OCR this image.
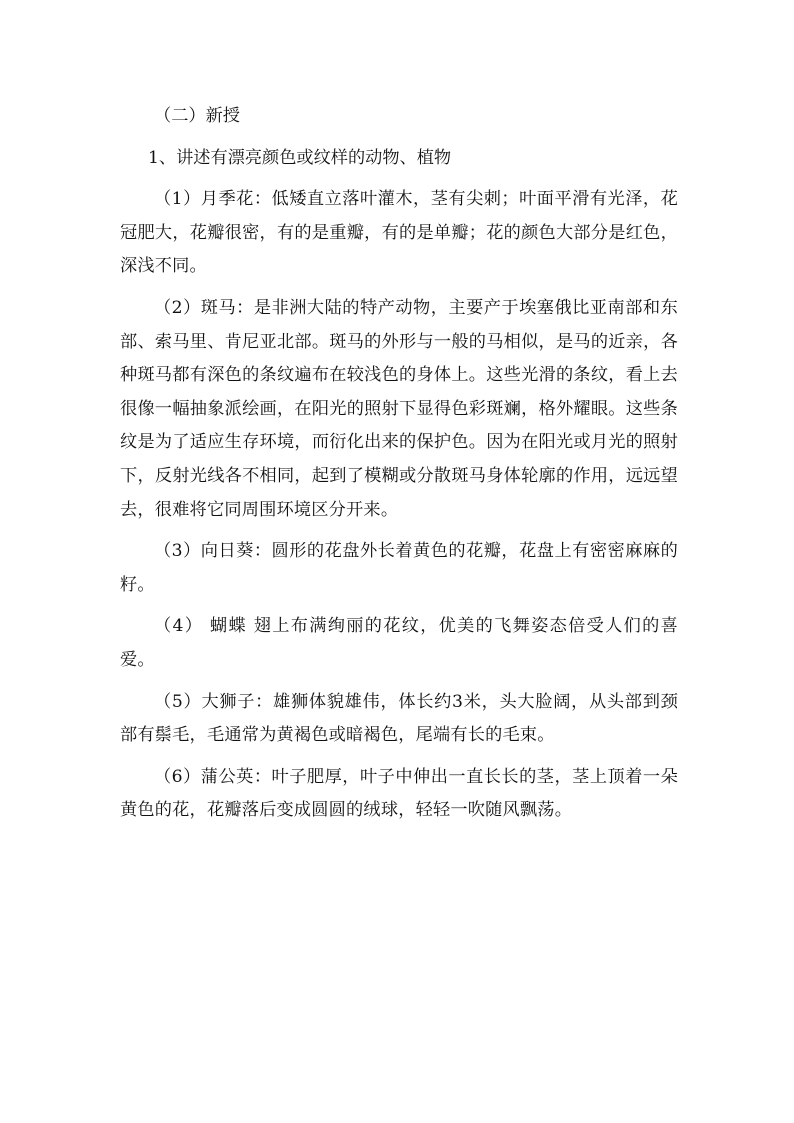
（二）新授

1、讲述有漂亮颜色或纹样的动物、植物

（1）月季花：低矮直立落叶灌木，茎有尖刺；叶面平滑有光泽，花冠肥大，花瓣很密，有的是重瓣，有的是单瓣；花的颜色大部分是红色，深浅不同。

（2）斑马：是非洲大陆的特产动物，主要产于埃塞俄比亚南部和东部、索马里、肯尼亚北部。斑马的外形与一般的马相似，是马的近亲，各种斑马都有深色的条纹遍布在较浅色的身体上。这些光滑的条纹，看上去很像一幅抽象派绘画，在阳光的照射下显得色彩斑斓，格外耀眼。这些条纹是为了适应生存环境，而衍化出来的保护色。因为在阳光或月光的照射下，反射光线各不相同，起到了模糊或分散斑马身体轮廓的作用，远远望去，很难将它同周围环境区分开来。

（3）向日葵：圆形的花盘外长着黄色的花瓣，花盘上有密密麻麻的籽。

（4） 蝴蝶 翅上布满绚丽的花纹，优美的飞舞姿态倍受人们的喜爱。

（5）大狮子：雄狮体貌雄伟，体长约3米，头大脸阔，从头部到颈部有鬃毛，毛通常为黄褐色或暗褐色，尾端有长的毛束。

（6）蒲公英：叶子肥厚，叶子中伸出一直长长的茎，茎上顶着一朵黄色的花，花瓣落后变成圆圆的绒球，轻轻一吹随风飘荡。
